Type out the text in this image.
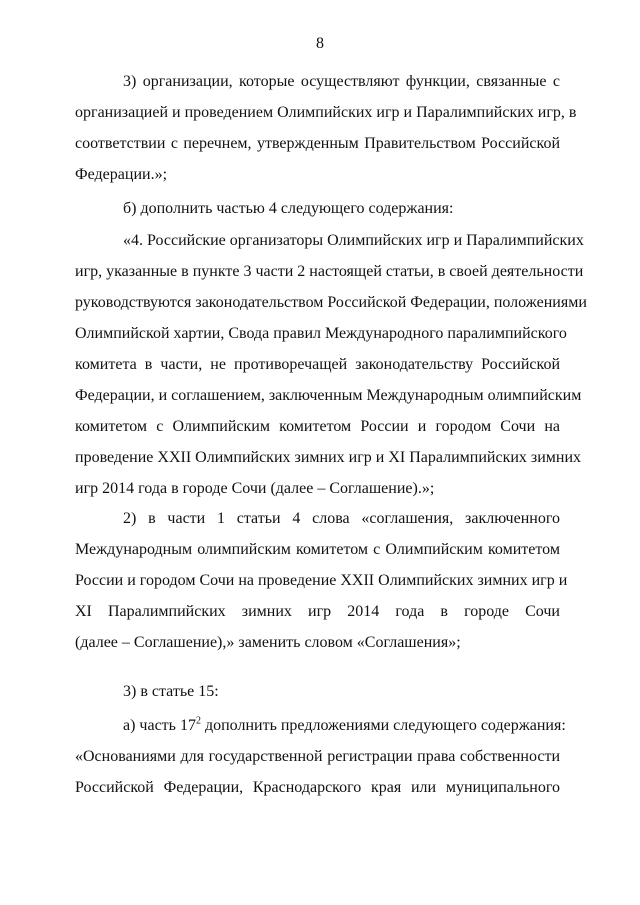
8
3) организации, которые осуществляют функции, связанные с
организацией и проведением Олимпийских игр и Паралимпийских игр, в
соответствии с перечнем, утвержденным Правительством Российской
Федерации.»;
б) дополнить частью 4 следующего содержания:
«4. Российские организаторы Олимпийских игр и Паралимпийских
игр, указанные в пункте 3 части 2 настоящей статьи, в своей деятельности
руководствуются законодательством Российской Федерации, положениями
Олимпийской хартии, Свода правил Международного паралимпийского
комитета в части, не противоречащей законодательству Российской
Федерации, и соглашением, заключенным Международным олимпийским
комитетом с Олимпийским комитетом России и городом Сочи на
проведение XXII Олимпийских зимних игр и XI Паралимпийских зимних
игр 2014 года в городе Сочи (далее – Соглашение).»;
2) в части 1 статьи 4 слова «соглашения, заключенного
Международным олимпийским комитетом с Олимпийским комитетом
России и городом Сочи на проведение XXII Олимпийских зимних игр и
XI Паралимпийских зимних игр 2014 года в городе Сочи
(далее – Соглашение),» заменить словом «Соглашения»;
3) в статье 15:
а) часть $17^2$ дополнить предложениями следующего содержания:
«Основаниями для государственной регистрации права собственности
Российской Федерации, Краснодарского края или муниципального
